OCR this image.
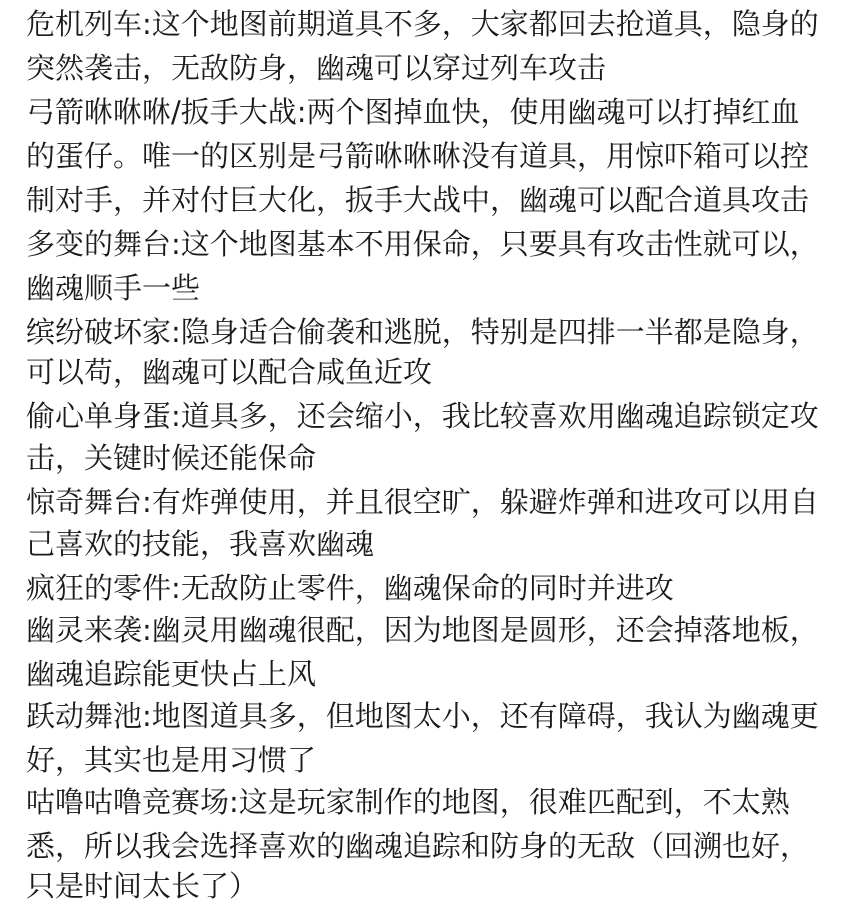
危机列车:这个地图前期道具不多，大家都回去抢道具，隐身的
突然袭击，无敌防身，幽魂可以穿过列车攻击
弓箭咻咻咻/扳手大战:两个图掉血快，使用幽魂可以打掉红血
的蛋仔。唯一的区别是弓箭咻咻咻没有道具，用惊吓箱可以控
制对手，并对付巨大化，扳手大战中，幽魂可以配合道具攻击
多变的舞台:这个地图基本不用保命，只要具有攻击性就可以，
幽魂顺手一些
缤纷破坏家:隐身适合偷袭和逃脱，特别是四排一半都是隐身，
可以苟，幽魂可以配合咸鱼近攻
偷心单身蛋:道具多，还会缩小，我比较喜欢用幽魂追踪锁定攻
击，关键时候还能保命
惊奇舞台:有炸弹使用，并且很空旷，躲避炸弹和进攻可以用自
己喜欢的技能，我喜欢幽魂
疯狂的零件:无敌防止零件，幽魂保命的同时并进攻
幽灵来袭:幽灵用幽魂很配，因为地图是圆形，还会掉落地板，
幽魂追踪能更快占上风
跃动舞池:地图道具多，但地图太小，还有障碍，我认为幽魂更
好，其实也是用习惯了
咕噜咕噜竞赛场:这是玩家制作的地图，很难匹配到，不太熟
悉，所以我会选择喜欢的幽魂追踪和防身的无敌（回溯也好，
只是时间太长了）
